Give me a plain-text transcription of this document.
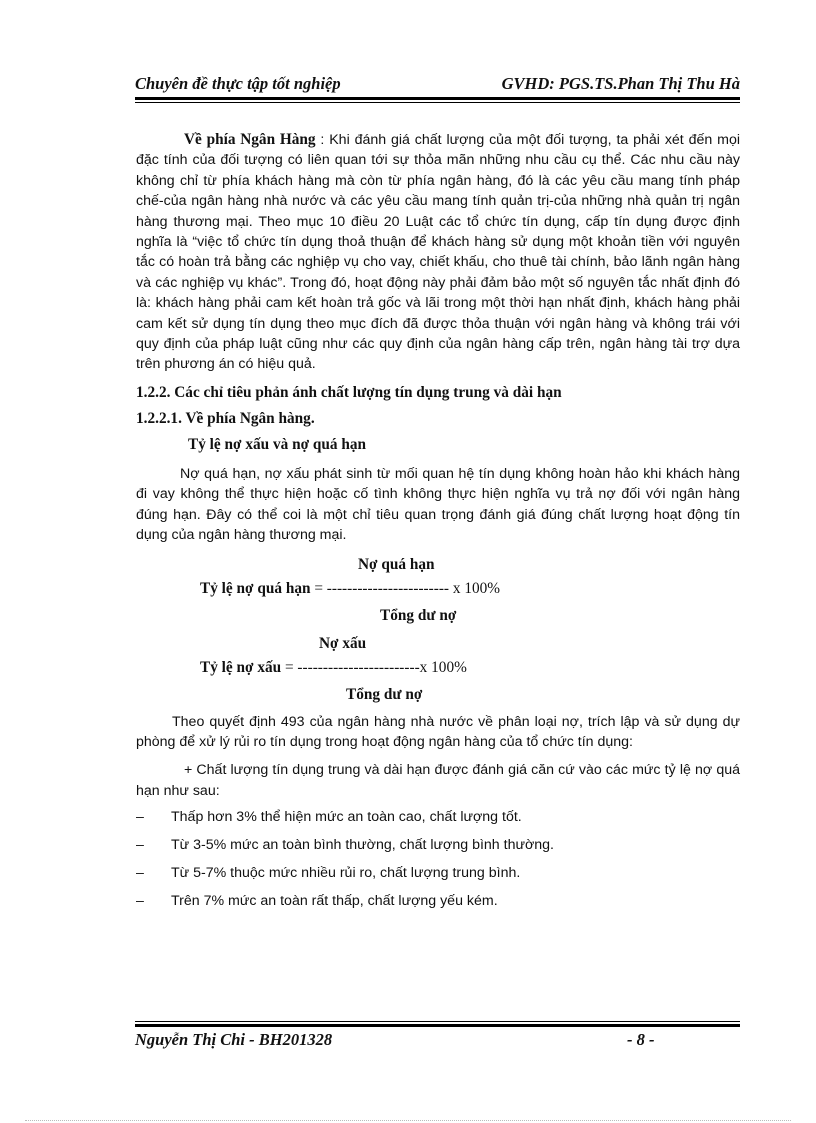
Chuyên đề thực tập tốt nghiệp	GVHD: PGS.TS.Phan Thị Thu Hà

Về phía Ngân Hàng : Khi đánh giá chất lượng của một đối tượng, ta phải xét đến mọi đặc tính của đối tượng có liên quan tới sự thỏa mãn những nhu cầu cụ thể. Các nhu cầu này không chỉ từ phía khách hàng mà còn từ phía ngân hàng, đó là các yêu cầu mang tính pháp chế-của ngân hàng nhà nước và các yêu cầu mang tính quản trị-của những nhà quản trị ngân hàng thương mại. Theo mục 10 điều 20 Luật các tổ chức tín dụng, cấp tín dụng được định nghĩa là “việc tổ chức tín dụng thoả thuận để khách hàng sử dụng một khoản tiền với nguyên tắc có hoàn trả bằng các nghiệp vụ cho vay, chiết khấu, cho thuê tài chính, bảo lãnh ngân hàng và các nghiệp vụ khác”. Trong đó, hoạt động này phải đảm bảo một số nguyên tắc nhất định đó là: khách hàng phải cam kết hoàn trả gốc và lãi trong một thời hạn nhất định, khách hàng phải cam kết sử dụng tín dụng theo mục đích đã được thỏa thuận với ngân hàng và không trái với quy định của pháp luật cũng như các quy định của ngân hàng cấp trên, ngân hàng tài trợ dựa trên phương án có hiệu quả.

1.2.2. Các chỉ tiêu phản ánh chất lượng tín dụng trung và dài hạn

1.2.2.1. Về phía Ngân hàng.

Tỷ lệ nợ xấu và nợ quá hạn

Nợ quá hạn, nợ xấu phát sinh từ mối quan hệ tín dụng không hoàn hảo khi khách hàng đi vay không thể thực hiện hoặc cố tình không thực hiện nghĩa vụ trả nợ đối với ngân hàng đúng hạn. Đây có thể coi là một chỉ tiêu quan trọng đánh giá đúng chất lượng hoạt động tín dụng của ngân hàng thương mại.

Nợ quá hạn

Tỷ lệ nợ quá hạn = ------------------------ x 100%

Tổng dư nợ

Nợ xấu

Tỷ lệ nợ xấu = ------------------------x 100%

Tổng dư nợ

Theo quyết định 493 của ngân hàng nhà nước về phân loại nợ, trích lập và sử dụng dự phòng để xử lý rủi ro tín dụng trong hoạt động ngân hàng của tổ chức tín dụng:

+ Chất lượng tín dụng trung và dài hạn được đánh giá căn cứ vào các mức tỷ lệ nợ quá hạn như sau:

–	Thấp hơn 3% thể hiện mức an toàn cao, chất lượng tốt.
–	Từ 3-5% mức an toàn bình thường, chất lượng bình thường.
–	Từ 5-7% thuộc mức nhiều rủi ro, chất lượng trung bình.
–	Trên 7% mức an toàn rất thấp, chất lượng yếu kém.
Nguyễn Thị Chi - BH201328	- 8 -
